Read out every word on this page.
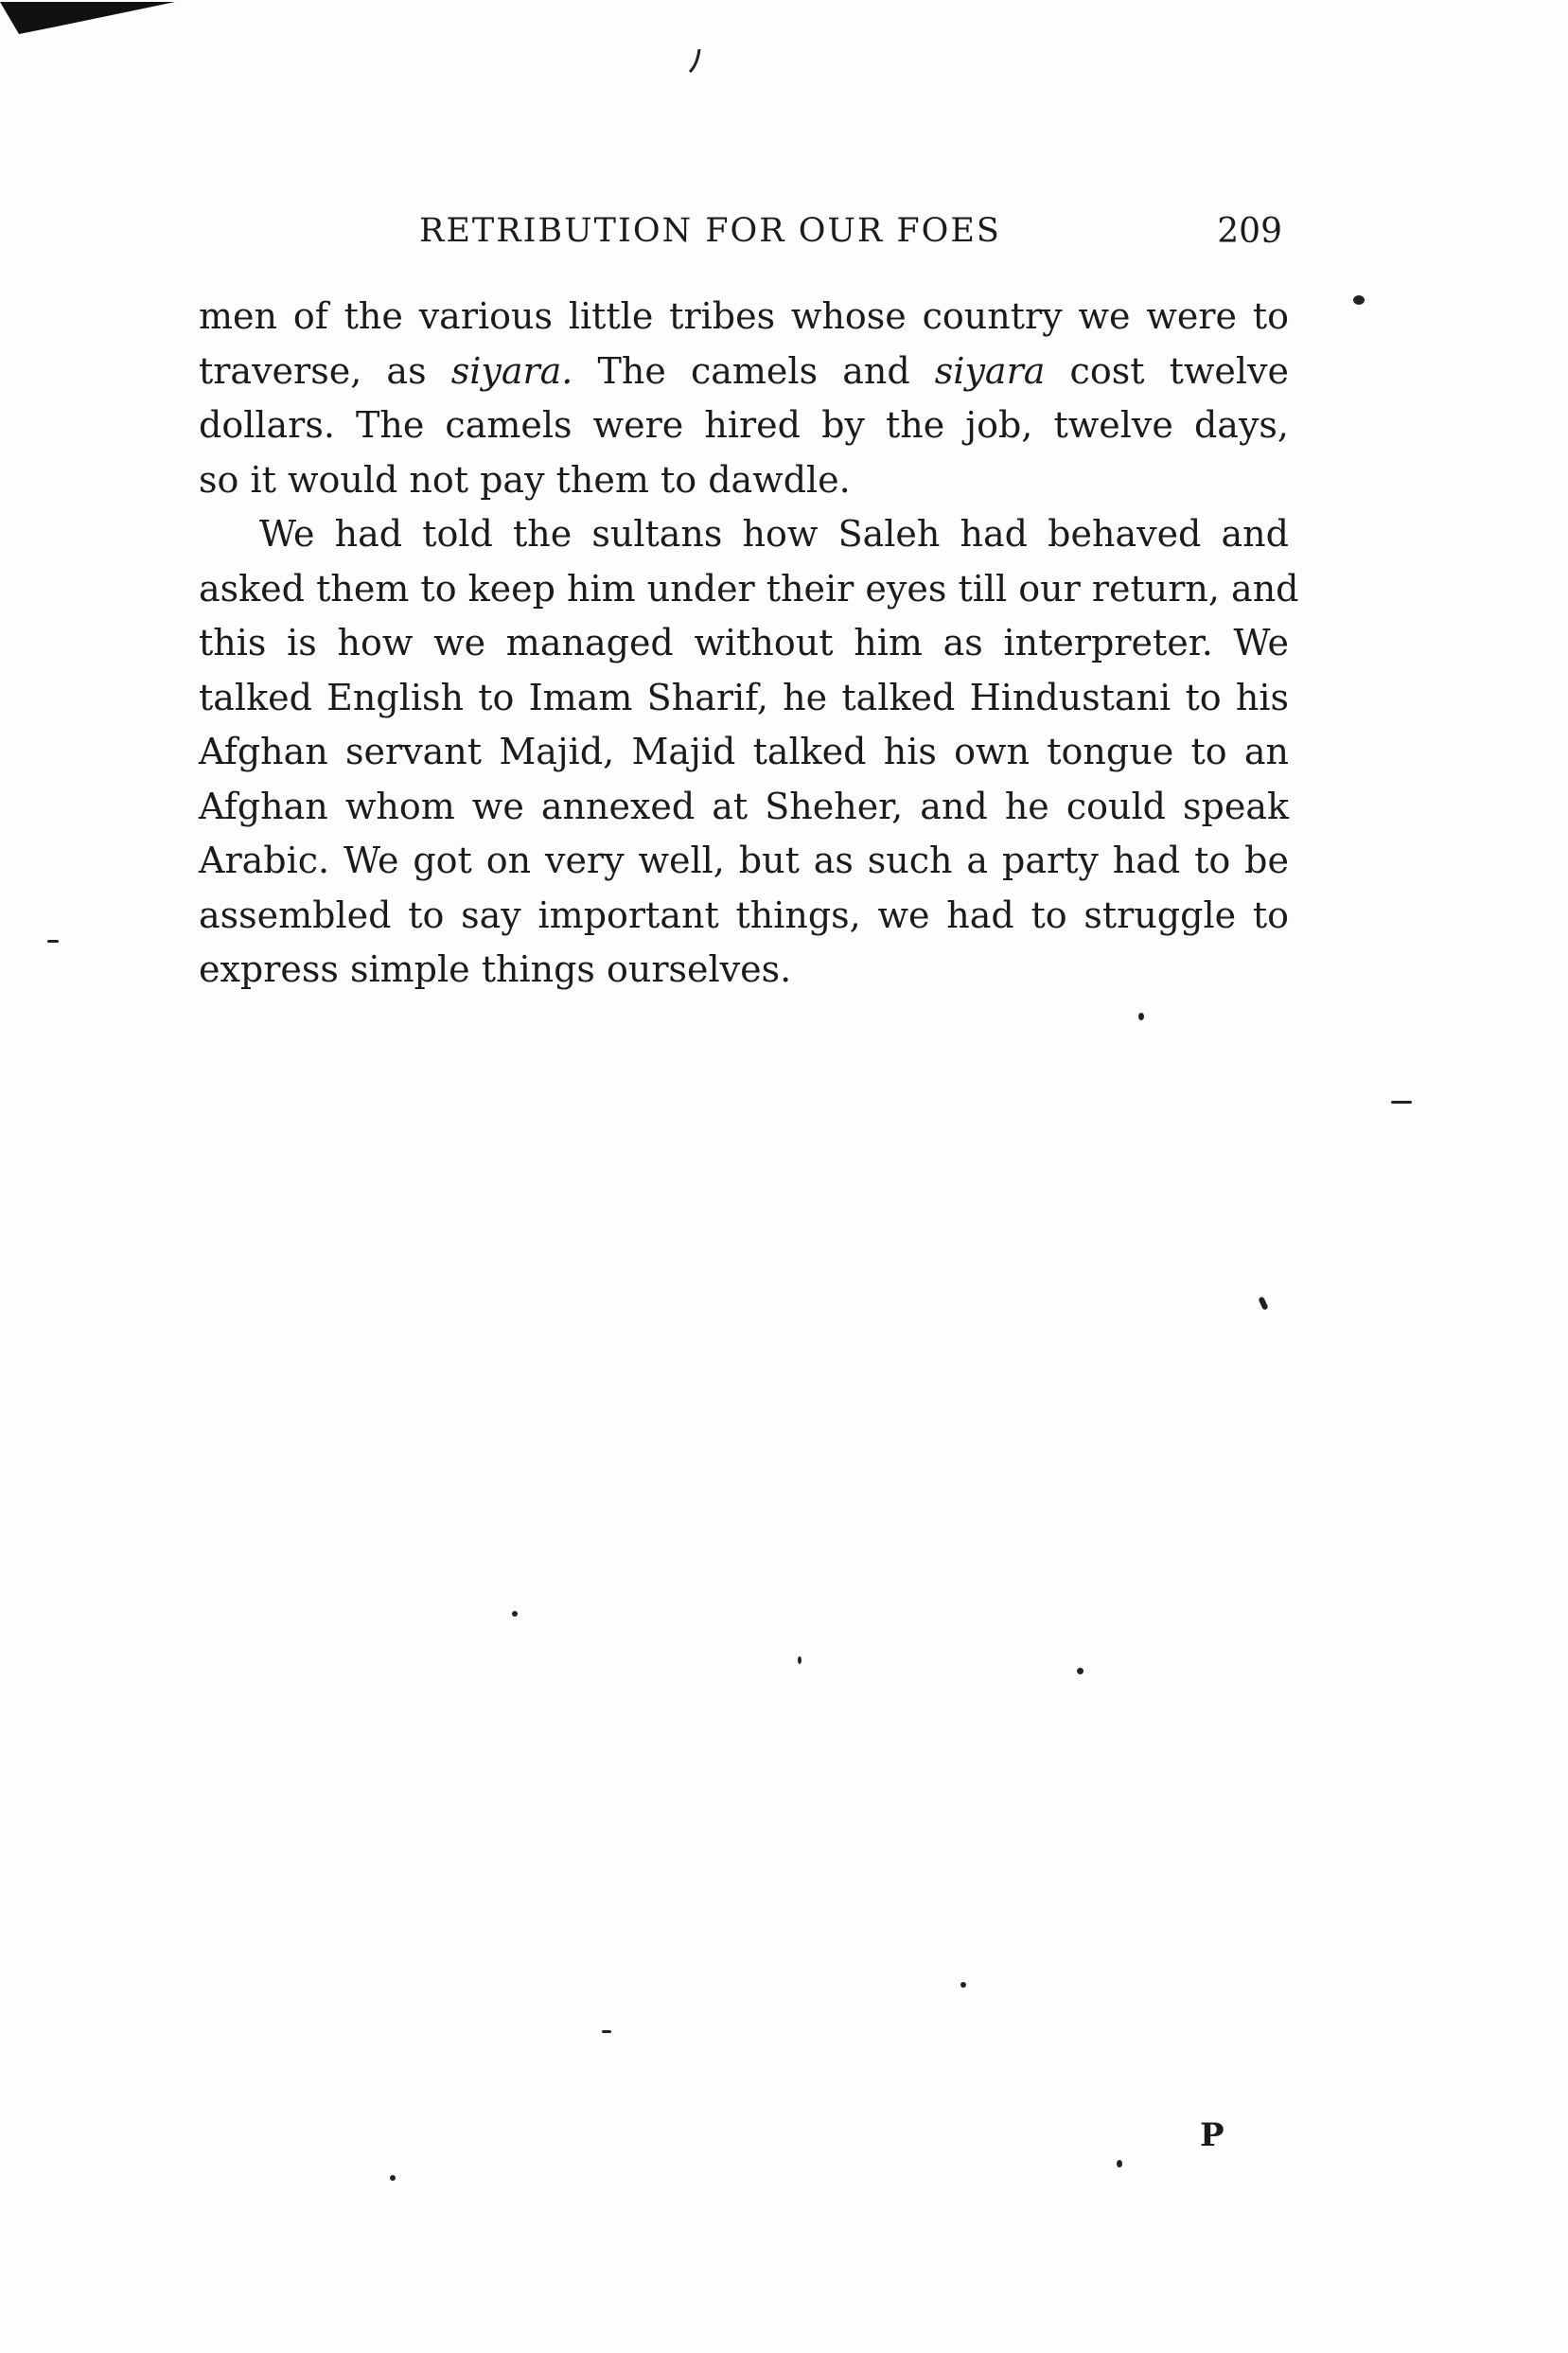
RETRIBUTION FOR OUR FOES	209
men of the various little tribes whose country we were to
traverse, as siyara. The camels and siyara cost twelve
dollars. The camels were hired by the job, twelve days,
so it would not pay them to dawdle.
We had told the sultans how Saleh had behaved and
asked them to keep him under their eyes till our return, and
this is how we managed without him as interpreter. We
talked English to Imam Sharif, he talked Hindustani to his
Afghan servant Majid, Majid talked his own tongue to an
Afghan whom we annexed at Sheher, and he could speak
Arabic. We got on very well, but as such a party had to be
assembled to say important things, we had to struggle to
express simple things ourselves.
P
